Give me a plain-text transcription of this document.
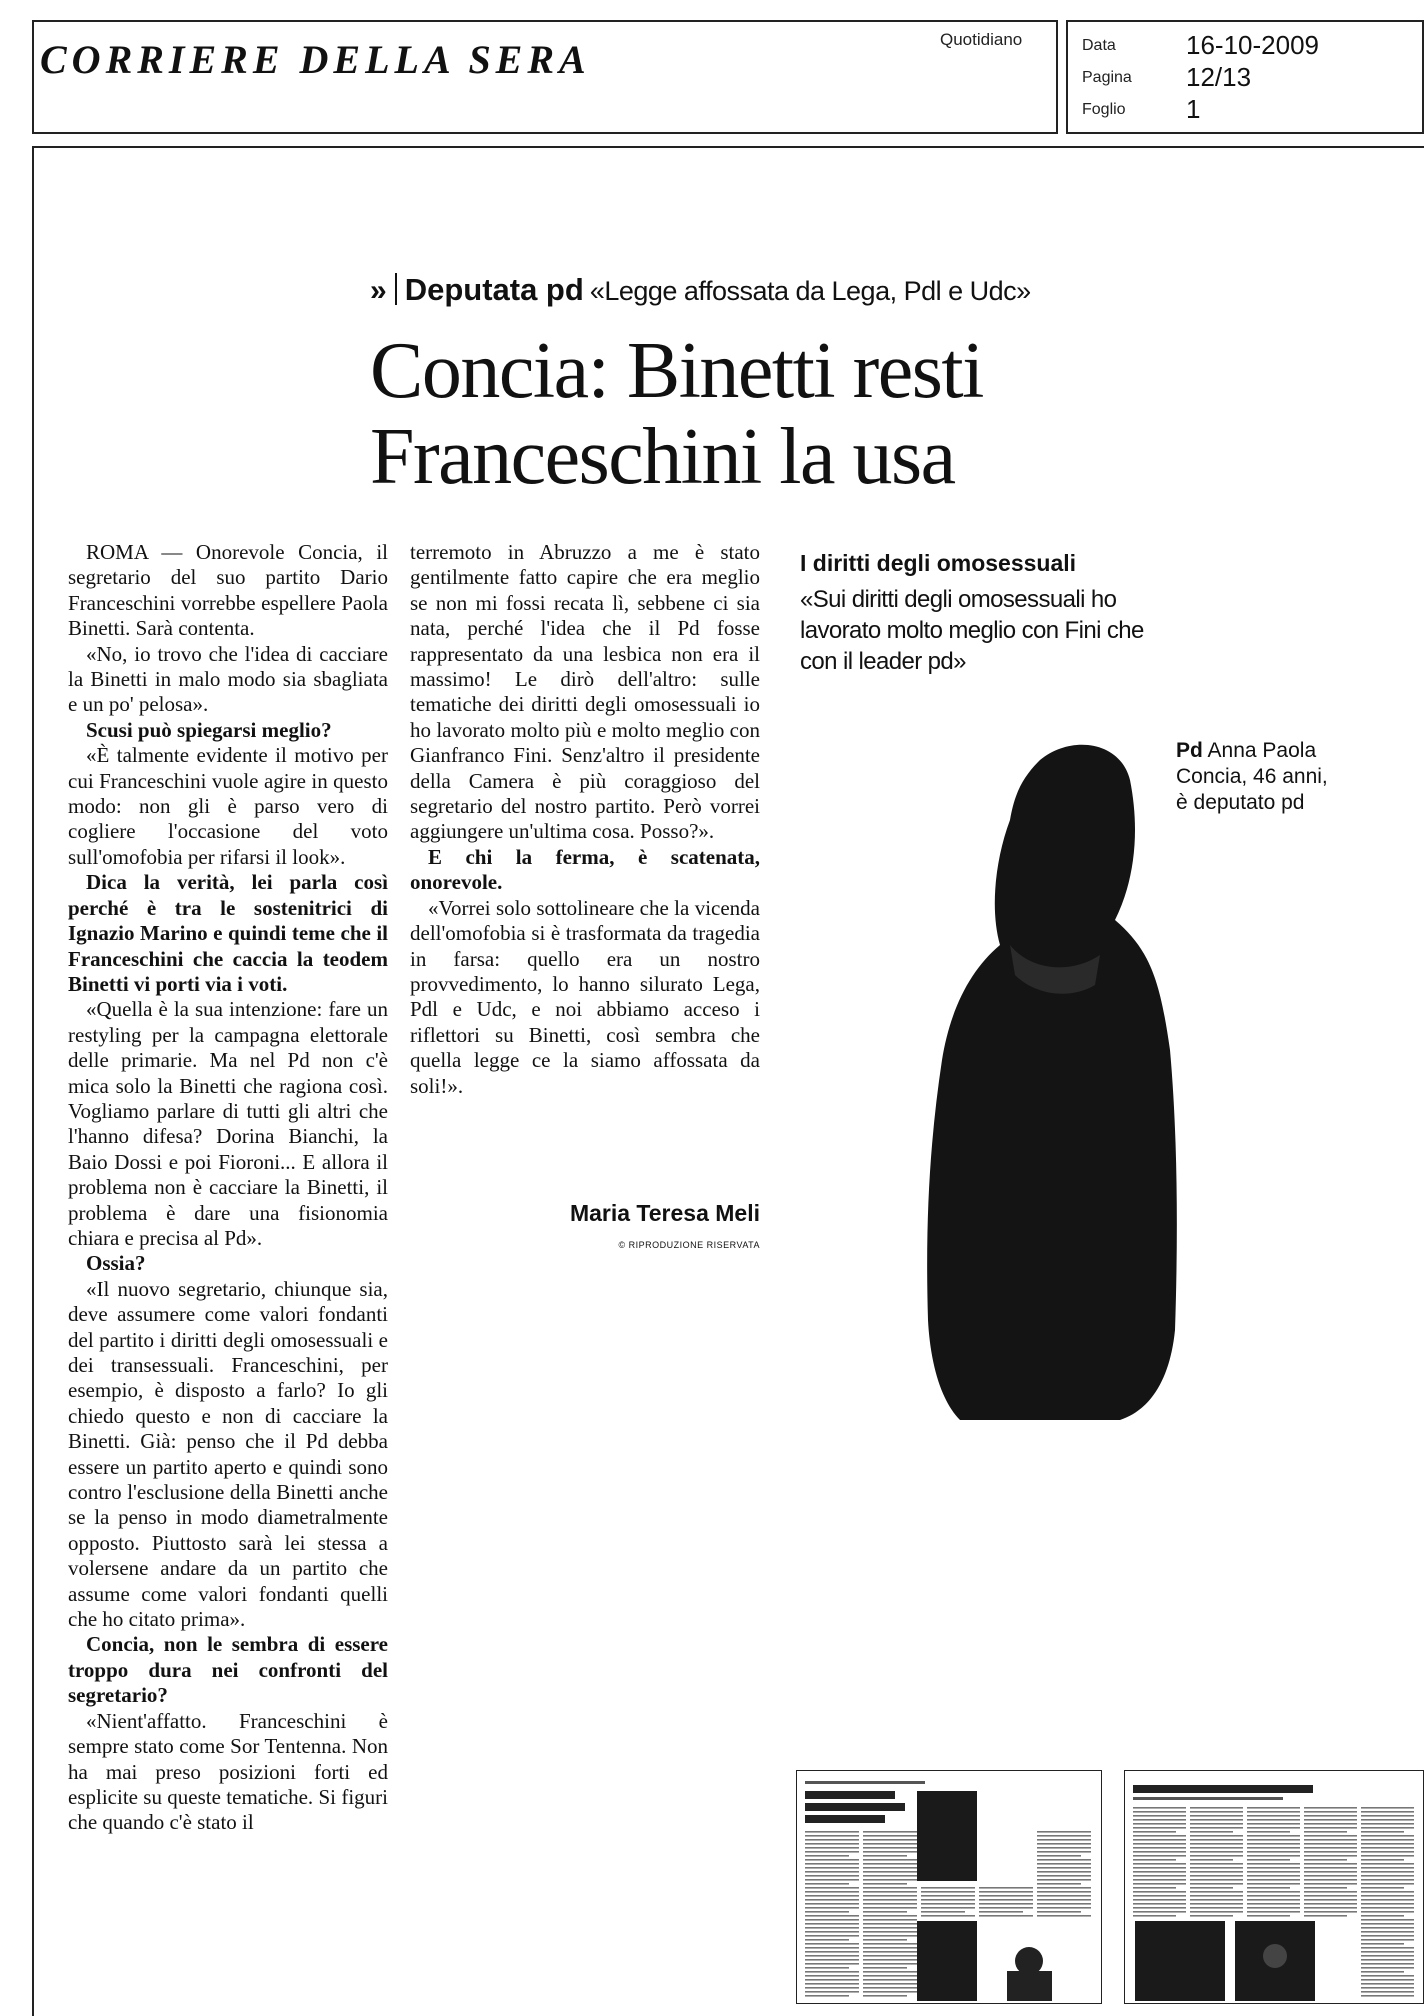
CORRIERE DELLA SERA	Quotidiano	Data	16-10-2009
Pagina 12/13
Foglio 1
» Deputata pd «Legge affossata da Lega, Pdl e Udc»
Concia: Binetti resti
Franceschini la usa

ROMA — Onorevole Concia, il segretario del suo partito Dario Franceschini vorrebbe espellere Paola Binetti. Sarà contenta.

«No, io trovo che l'idea di cacciare la Binetti in malo modo sia sbagliata e un po' pelosa».

Scusi può spiegarsi meglio?

«È talmente evidente il motivo per cui Franceschini vuole agire in questo modo: non gli è parso vero di cogliere l'occasione del voto sull'omofobia per rifarsi il look».

Dica la verità, lei parla così perché è tra le sostenitrici di Ignazio Marino e quindi teme che il Franceschini che caccia la teodem Binetti vi porti via i voti.

«Quella è la sua intenzione: fare un restyling per la campagna elettorale delle primarie. Ma nel Pd non c'è mica solo la Binetti che ragiona così. Vogliamo parlare di tutti gli altri che l'hanno difesa? Dorina Bianchi, la Baio Dossi e poi Fioroni... E allora il problema non è cacciare la Binetti, il problema è dare una fisionomia chiara e precisa al Pd».

Ossia?

«Il nuovo segretario, chiunque sia, deve assumere come valori fondanti del partito i diritti degli omosessuali e dei transessuali. Franceschini, per esempio, è disposto a farlo? Io gli chiedo questo e non di cacciare la Binetti. Già: penso che il Pd debba essere un partito aperto e quindi sono contro l'esclusione della Binetti anche se la penso in modo diametralmente opposto. Piuttosto sarà lei stessa a volersene andare da un partito che assume come valori fondanti quelli che ho citato prima».

Concia, non le sembra di essere troppo dura nei confronti del segretario?

«Nient'affatto. Franceschini è sempre stato come Sor Tentenna. Non ha mai preso posizioni forti ed esplicite su queste tematiche. Si figuri che quando c'è stato il

terremoto in Abruzzo a me è stato gentilmente fatto capire che era meglio se non mi fossi recata lì, sebbene ci sia nata, perché l'idea che il Pd fosse rappresentato da una lesbica non era il massimo! Le dirò dell'altro: sulle tematiche dei diritti degli omosessuali io ho lavorato molto più e molto meglio con Gianfranco Fini. Senz'altro il presidente della Camera è più coraggioso del segretario del nostro partito. Però vorrei aggiungere un'ultima cosa. Posso?».

E chi la ferma, è scatenata, onorevole.

«Vorrei solo sottolineare che la vicenda dell'omofobia si è trasformata da tragedia in farsa: quello era un nostro provvedimento, lo hanno silurato Lega, Pdl e Udc, e noi abbiamo acceso i riflettori su Binetti, così sembra che quella legge ce la siamo affossata da soli!».

Maria Teresa Meli
© RIPRODUZIONE RISERVATA
I diritti degli omosessuali
«Sui diritti degli omosessuali ho lavorato molto meglio con Fini che con il leader pd»
Pd Anna Paola Concia, 46 anni, è deputato pd
